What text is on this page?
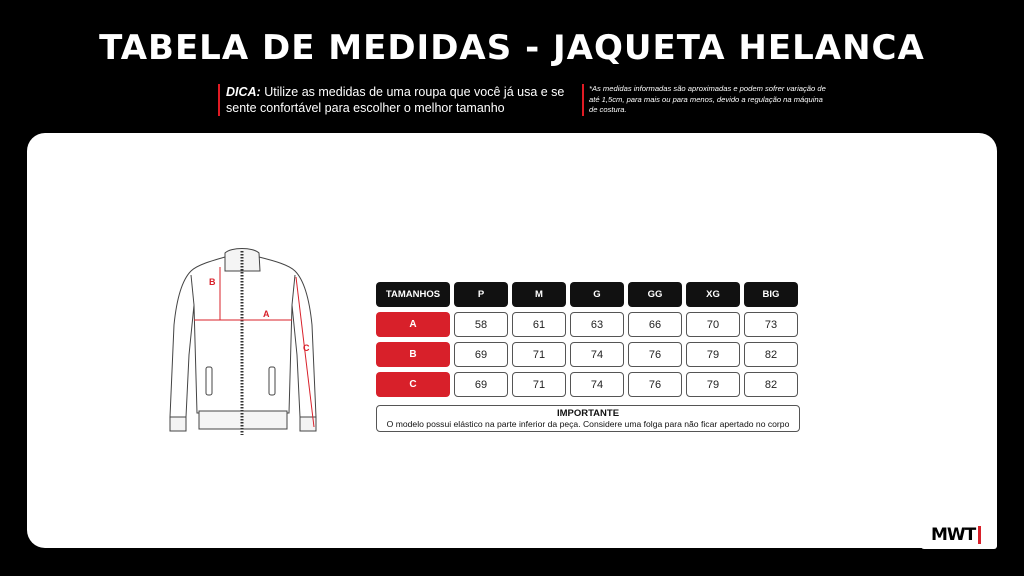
TABELA DE MEDIDAS - JAQUETA HELANCA
DICA: Utilize as medidas de uma roupa que você já usa e se sente confortável para escolher o melhor tamanho
*As medidas informadas são aproximadas e podem sofrer variação de até 1,5cm, para mais ou para menos, devido a regulação na máquina de costura.
B
A
C
TAMANHOS	P	M	G	GG	XG	BIG
A	58	61	63	66	70	73
B	69	71	74	76	79	82
C	69	71	74	76	79	82
IMPORTANTE
O modelo possui elástico na parte inferior da peça. Considere uma folga para não ficar apertado no corpo
MWT
